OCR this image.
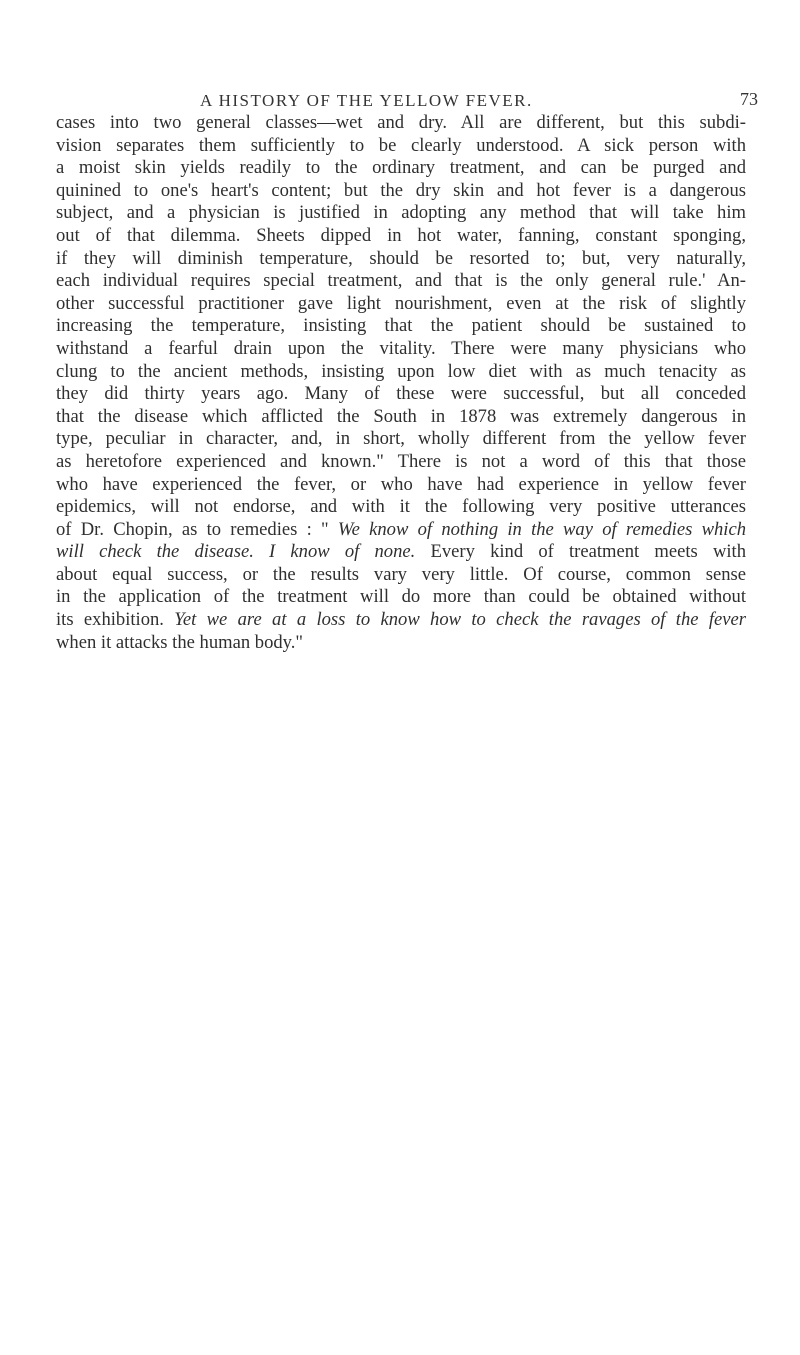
A HISTORY OF THE YELLOW FEVER.	73
cases into two general classes—wet and dry. All are different, but this subdi-
vision separates them sufficiently to be clearly understood. A sick person with
a moist skin yields readily to the ordinary treatment, and can be purged and
quinined to one's heart's content; but the dry skin and hot fever is a dangerous
subject, and a physician is justified in adopting any method that will take him
out of that dilemma. Sheets dipped in hot water, fanning, constant sponging,
if they will diminish temperature, should be resorted to; but, very naturally,
each individual requires special treatment, and that is the only general rule.' An-
other successful practitioner gave light nourishment, even at the risk of slightly
increasing the temperature, insisting that the patient should be sustained to
withstand a fearful drain upon the vitality. There were many physicians who
clung to the ancient methods, insisting upon low diet with as much tenacity as
they did thirty years ago. Many of these were successful, but all conceded
that the disease which afflicted the South in 1878 was extremely dangerous in
type, peculiar in character, and, in short, wholly different from the yellow fever
as heretofore experienced and known." There is not a word of this that those
who have experienced the fever, or who have had experience in yellow fever
epidemics, will not endorse, and with it the following very positive utterances
of Dr. Chopin, as to remedies : " We know of nothing in the way of remedies which
will check the disease. I know of none. Every kind of treatment meets with
about equal success, or the results vary very little. Of course, common sense
in the application of the treatment will do more than could be obtained without
its exhibition. Yet we are at a loss to know how to check the ravages of the fever
when it attacks the human body."
